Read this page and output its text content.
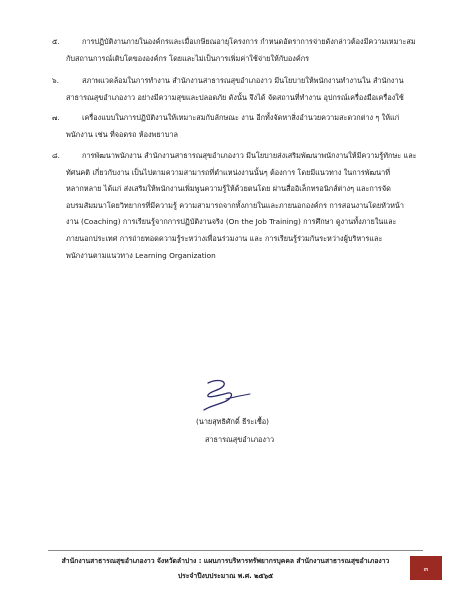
๕.	การปฏิบัติงานภายในองค์กรและเมื่อเกษียณอายุโครงการ กำหนดอัตราการจ่ายดังกล่าวต้องมีความเหมาะสม
กับสถานการณ์เติบโตขององค์กร โดยและไม่เป็นการเพิ่มค่าใช้จ่ายให้กับองค์กร
๖.	สภาพแวดล้อมในการทำงาน สำนักงานสาธารณสุขอำเภองาว มีนโยบายให้พนักงานทำงานใน สำนักงาน
สาธารณสุขอำเภองาว อย่างมีความสุขและปลอดภัย ดังนั้น จึงได้ จัดสถานที่ทำงาน อุปกรณ์เครื่องมือเครื่องใช้
๗.	เครื่องแบบในการปฏิบัติงานให้เหมาะสมกับลักษณะ งาน อีกทั้งจัดหาสิ่งอำนวยความสะดวกต่าง ๆ ให้แก่
พนักงาน เช่น ที่จอดรถ ห้องพยาบาล
๘.	การพัฒนาพนักงาน สำนักงานสาธารณสุขอำเภองาว มีนโยบายส่งเสริมพัฒนาพนักงานให้มีความรู้ทักษะ และ
ทัศนคติ เกี่ยวกับงาน เป็นไปตามความสามารถที่ตำแหน่งงานนั้นๆ ต้องการ โดยมีแนวทาง ในการพัฒนาที่
หลากหลาย ได้แก่ ส่งเสริมให้พนักงานเพิ่มพูนความรู้ให้ด้วยตนโดย ผ่านสื่ออิเล็กทรอนิกส์ต่างๆ และการจัด
อบรมสัมมนาโดยวิทยากรที่มีความรู้ ความสามารถจากทั้งภายในและภายนอกองค์กร การสอนงานโดยหัวหน้า
งาน (Coaching) การเรียนรู้จากการปฏิบัติงานจริง (On the Job Training) การศึกษา ดูงานทั้งภายในและ
ภายนอกประเทศ การถ่ายทอดความรู้ระหว่างเพื่อนร่วมงาน และ การเรียนรู้ร่วมกันระหว่างผู้บริหารและ
พนักงานตามแนวทาง Learning Organization
(นายสุทธิศักดิ์ ธีระเชื้อ)
สาธารณสุขอำเภองาว
สำนักงานสาธารณสุขอำเภองาว จังหวัดลำปาง : แผนการบริหารทรัพยากรบุคคล สำนักงานสาธารณสุขอำเภองาว
ประจำปีงบประมาณ พ.ศ. ๒๕๖๕
๓
